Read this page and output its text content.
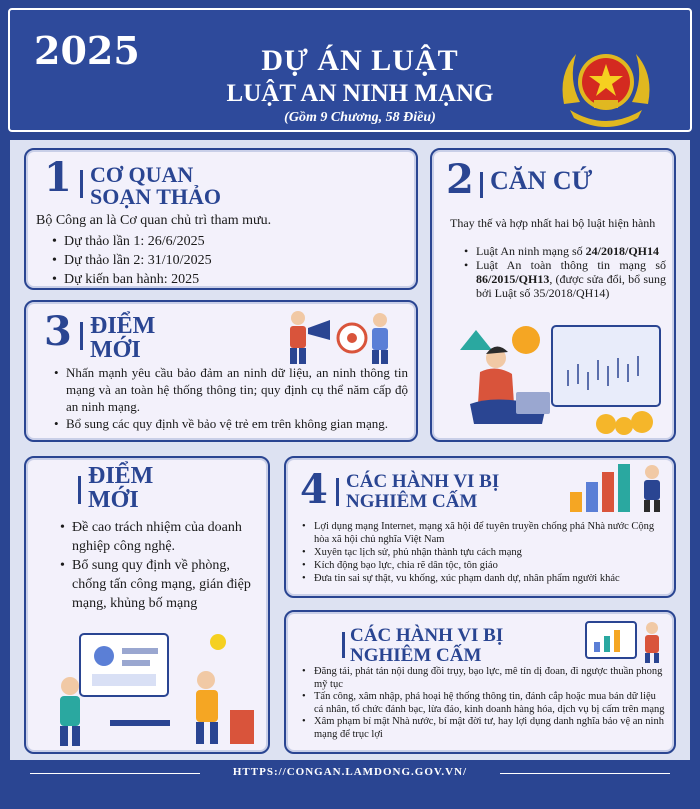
2025	DỰ ÁN LUẬT
LUẬT AN NINH MẠNG
(Gồm 9 Chương, 58 Điều)
1 CƠ QUAN
SOẠN THẢO
Bộ Công an là Cơ quan chủ trì tham mưu.
• Dự thảo lần 1: 26/6/2025
• Dự thảo lần 2: 31/10/2025
• Dự kiến ban hành: 2025
2 CĂN CỨ
Thay thế và hợp nhất hai bộ luật hiện hành
• Luật An ninh mạng số 24/2018/QH14
• Luật An toàn thông tin mạng số 86/2015/QH13, (được sửa đổi, bổ sung bởi Luật số 35/2018/QH14)
3 ĐIỂM
MỚI
• Nhấn mạnh yêu cầu bảo đảm an ninh dữ liệu, an ninh thông tin mạng và an toàn hệ thống thông tin; quy định cụ thể năm cấp độ an ninh mạng.
• Bổ sung các quy định về bảo vệ trẻ em trên không gian mạng.
ĐIỂM
MỚI
• Đề cao trách nhiệm của doanh nghiệp công nghệ.
• Bổ sung quy định về phòng, chống tấn công mạng, gián điệp mạng, khủng bố mạng
4 CÁC HÀNH VI BỊ
NGHIÊM CẤM
• Lợi dụng mạng Internet, mạng xã hội để tuyên truyền chống phá Nhà nước Cộng hòa xã hội chủ nghĩa Việt Nam
• Xuyên tạc lịch sử, phủ nhận thành tựu cách mạng
• Kích động bạo lực, chia rẽ dân tộc, tôn giáo
• Đưa tin sai sự thật, vu khống, xúc phạm danh dự, nhân phẩm người khác
CÁC HÀNH VI BỊ
NGHIÊM CẤM
• Đăng tải, phát tán nội dung đồi trụy, bạo lực, mê tín dị đoan, đi ngược thuần phong mỹ tục
• Tấn công, xâm nhập, phá hoại hệ thống thông tin, đánh cắp hoặc mua bán dữ liệu cá nhân, tổ chức đánh bạc, lừa đảo, kinh doanh hàng hóa, dịch vụ bị cấm trên mạng
• Xâm phạm bí mật Nhà nước, bí mật đời tư, hay lợi dụng danh nghĩa bảo vệ an ninh mạng để trục lợi
HTTPS://CONGAN.LAMDONG.GOV.VN/
